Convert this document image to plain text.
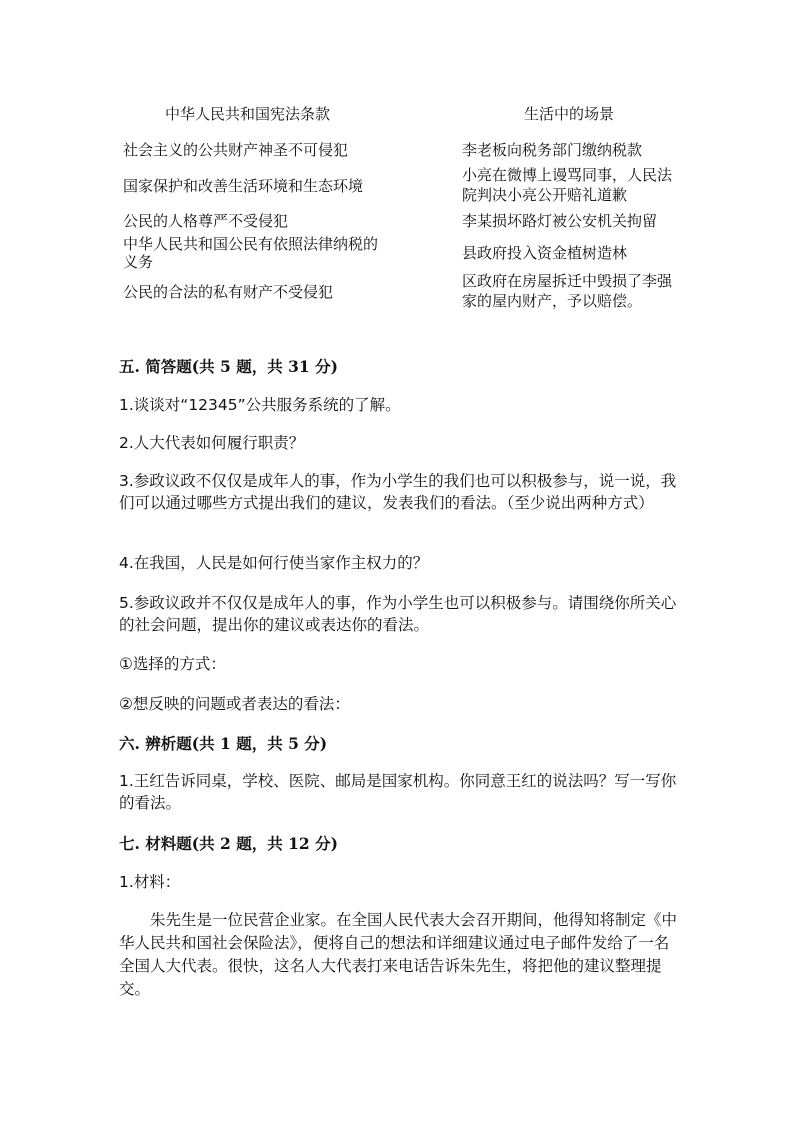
中华人民共和国宪法条款	生活中的场景
社会主义的公共财产神圣不可侵犯
国家保护和改善生活环境和生态环境
公民的人格尊严不受侵犯
中华人民共和国公民有依照法律纳税的义务
公民的合法的私有财产不受侵犯
李老板向税务部门缴纳税款
小亮在微博上谩骂同事，人民法院判决小亮公开赔礼道歉
李某损坏路灯被公安机关拘留
县政府投入资金植树造林
区政府在房屋拆迁中毁损了李强家的屋内财产，予以赔偿。
五. 简答题(共 5 题，共 31 分)
1.谈谈对“12345”公共服务系统的了解。
2.人大代表如何履行职责？
3.参政议政不仅仅是成年人的事，作为小学生的我们也可以积极参与，说一说，我们可以通过哪些方式提出我们的建议，发表我们的看法。（至少说出两种方式）
4.在我国，人民是如何行使当家作主权力的？
5.参政议政并不仅仅是成年人的事，作为小学生也可以积极参与。请围绕你所关心的社会问题，提出你的建议或表达你的看法。
①选择的方式：
②想反映的问题或者表达的看法：
六. 辨析题(共 1 题，共 5 分)
1.王红告诉同桌，学校、医院、邮局是国家机构。你同意王红的说法吗？写一写你的看法。
七. 材料题(共 2 题，共 12 分)
1.材料：
朱先生是一位民营企业家。在全国人民代表大会召开期间，他得知将制定《中华人民共和国社会保险法》，便将自己的想法和详细建议通过电子邮件发给了一名全国人大代表。很快，这名人大代表打来电话告诉朱先生，将把他的建议整理提交。
